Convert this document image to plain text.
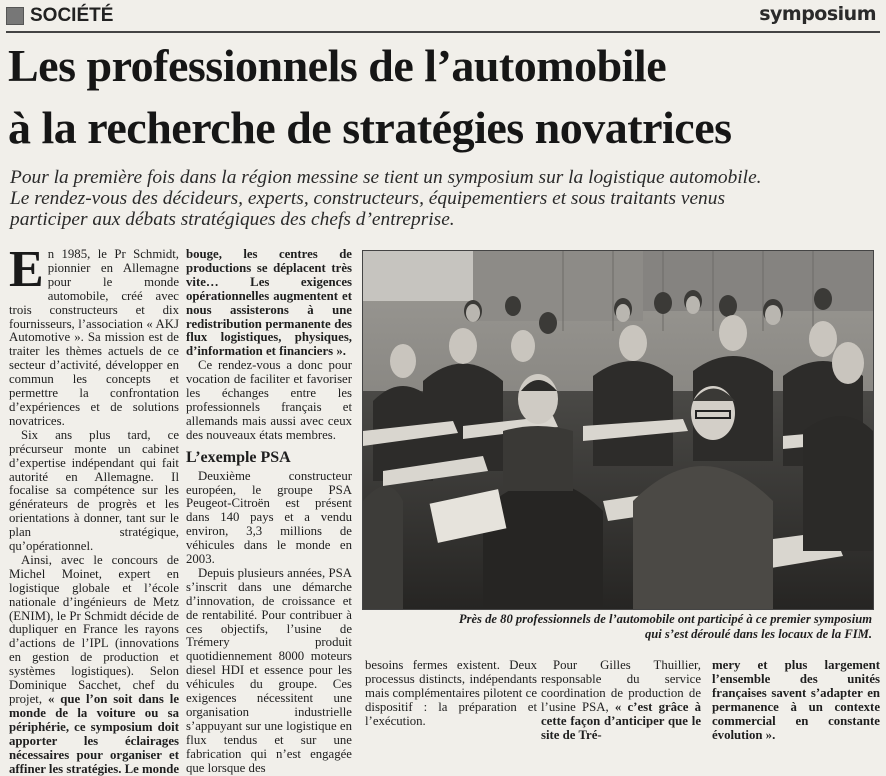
SOCIÉTÉ	symposium
Les professionnels de l’automobile
à la recherche de stratégies novatrices
Pour la première fois dans la région messine se tient un symposium sur la logistique automobile.
Le rendez-vous des décideurs, experts, constructeurs, équipementiers et sous traitants venus
participer aux débats stratégiques des chefs d’entreprise.

En 1985, le Pr Schmidt, pionnier en Allemagne pour le monde automobile, créé avec trois constructeurs et dix fournisseurs, l’association « AKJ Automotive ». Sa mission est de traiter les thèmes actuels de ce secteur d’activité, développer en commun les concepts et permettre la confrontation d’expériences et de solutions novatrices.

Six ans plus tard, ce précurseur monte un cabinet d’expertise indépendant qui fait autorité en Allemagne. Il focalise sa compétence sur les générateurs de progrès et les orientations à donner, tant sur le plan stratégique, qu’opérationnel.

Ainsi, avec le concours de Michel Moinet, expert en logistique globale et l’école nationale d’ingénieurs de Metz (ENIM), le Pr Schmidt décide de dupliquer en France les rayons d’actions de l’IPL (innovations en gestion de production et systèmes logistiques). Selon Dominique Sacchet, chef du projet, « que l’on soit dans le monde de la voiture ou sa périphérie, ce symposium doit apporter les éclairages nécessaires pour organiser et affiner les stratégies. Le monde

bouge, les centres de productions se déplacent très vite… Les exigences opérationnelles augmentent et nous assisterons à une redistribution permanente des flux logistiques, physiques, d’information et financiers ».

Ce rendez-vous a donc pour vocation de faciliter et favoriser les échanges entre les professionnels français et allemands mais aussi avec ceux des nouveaux états membres.

L’exemple PSA

Deuxième constructeur européen, le groupe PSA Peugeot-Citroën est présent dans 140 pays et a vendu environ, 3,3 millions de véhicules dans le monde en 2003.

Depuis plusieurs années, PSA s’inscrit dans une démarche d’innovation, de croissance et de rentabilité. Pour contribuer à ces objectifs, l’usine de Trémery produit quotidiennement 8000 moteurs diesel HDI et essence pour les véhicules du groupe. Ces exigences nécessitent une organisation industrielle s’appuyant sur une logistique en flux tendus et sur une fabrication qui n’est engagée que lorsque des

Près de 80 professionnels de l’automobile ont participé à ce premier symposium
qui s’est déroulé dans les locaux de la FIM.

besoins fermes existent. Deux processus distincts, indépendants mais complémentaires pilotent ce dispositif : la préparation et l’exécution.

Pour Gilles Thuillier, responsable du service coordination de production de l’usine PSA, « c’est grâce à cette façon d’anticiper que le site de Tré-

mery et plus largement l’ensemble des unités françaises savent s’adapter en permanence à un contexte commercial en constante évolution ».
